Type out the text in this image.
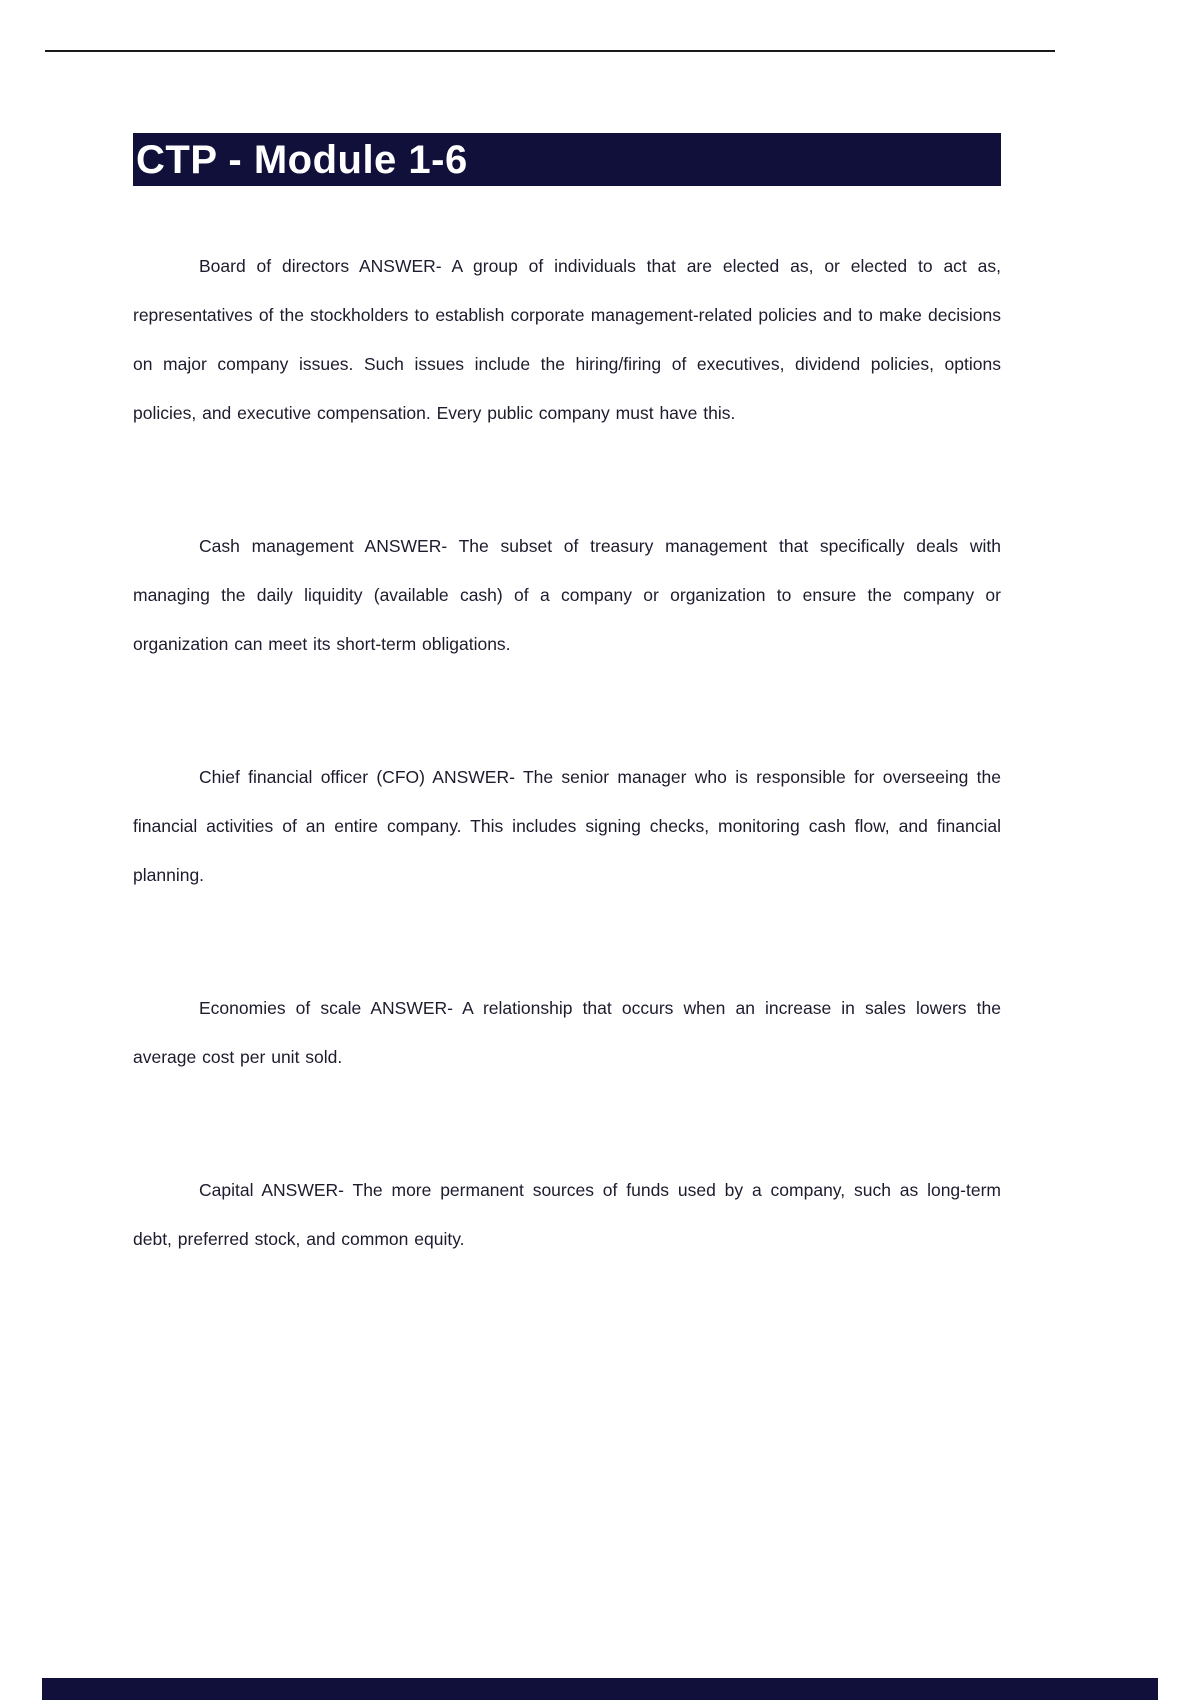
CTP - Module 1-6

Board of directors ANSWER- A group of individuals that are elected as, or elected to act as, representatives of the stockholders to establish corporate management-related policies and to make decisions on major company issues. Such issues include the hiring/firing of executives, dividend policies, options policies, and executive compensation. Every public company must have this.

Cash management ANSWER- The subset of treasury management that specifically deals with managing the daily liquidity (available cash) of a company or organization to ensure the company or organization can meet its short-term obligations.

Chief financial officer (CFO) ANSWER- The senior manager who is responsible for overseeing the financial activities of an entire company. This includes signing checks, monitoring cash flow, and financial planning.

Economies of scale ANSWER- A relationship that occurs when an increase in sales lowers the average cost per unit sold.

Capital ANSWER- The more permanent sources of funds used by a company, such as long-term debt, preferred stock, and common equity.
